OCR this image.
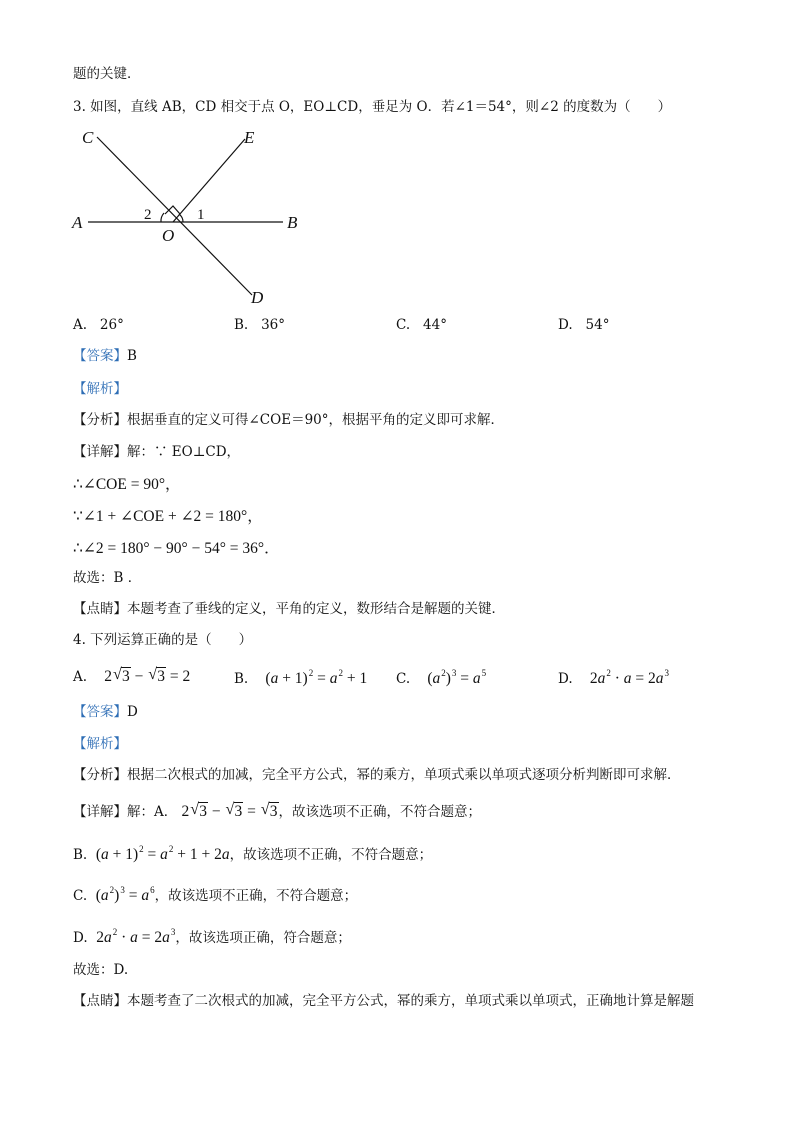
题的关键．
3. 如图，直线 AB，CD 相交于点 O，EO⊥CD，垂足为 O．若∠1＝54°，则∠2 的度数为（　　）
C	E
A	B
O
D
2	1
A. 26°	B. 36°	C. 44°	D. 54°
【答案】B
【解析】
【分析】根据垂直的定义可得∠COE＝90°，根据平角的定义即可求解．
【详解】解：∵ EO⊥CD，
∴∠COE = 90°，
∵∠1 + ∠COE + ∠2 = 180°，
∴∠2 = 180° − 90° − 54° = 36°．
故选：B ．
【点睛】本题考查了垂线的定义，平角的定义，数形结合是解题的关键．
4. 下列运算正确的是（　　）
A. 2 √ 3 − √ 3 = 2	B. $(a + 1)^2 = a^2 + 1$ C. $(a^2)^3 = a^5$	D. $2a^2 \cdot a = 2a^3$
【答案】D
【解析】
【分析】根据二次根式的加减，完全平方公式，幂的乘方，单项式乘以单项式逐项分析判断即可求解．
【详解】解：A． 2 √ 3 − √ 3 = √ 3，故该选项不正确，不符合题意；
B. $(a + 1)^2 = a^2 + 1 + 2a$，故该选项不正确，不符合题意；
C. $(a^2)^3 = a^6$，故该选项不正确，不符合题意；
D. $2a^2 \cdot a = 2a^3$，故该选项正确，符合题意；
故选：D.
【点睛】本题考查了二次根式的加减，完全平方公式，幂的乘方，单项式乘以单项式，正确地计算是解题
